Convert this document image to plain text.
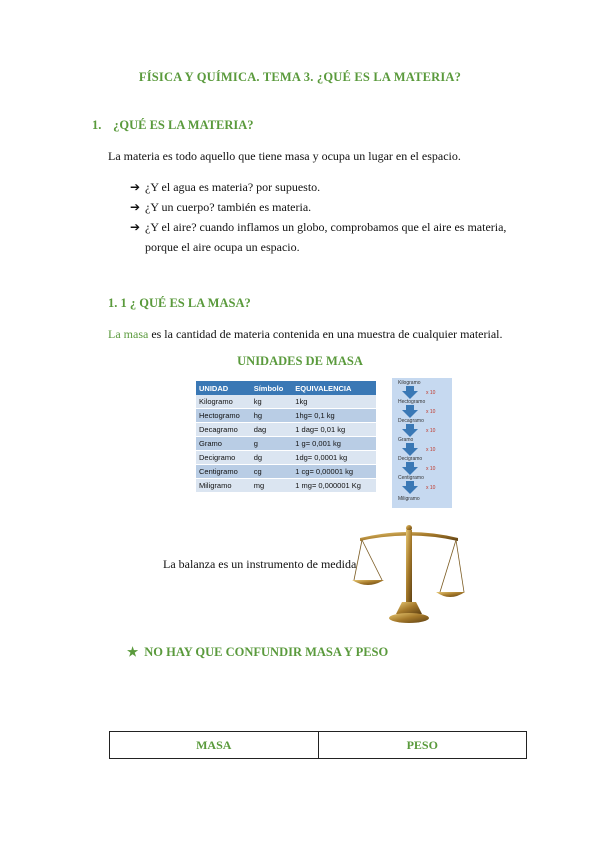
FÍSICA Y QUÍMICA. TEMA 3. ¿QUÉ ES LA MATERIA?
1. ¿QUÉ ES LA MATERIA?
La materia es todo aquello que tiene masa y ocupa un lugar en el espacio.
➔ ¿Y el agua es materia? por supuesto.
➔ ¿Y un cuerpo? también es materia.
➔ ¿Y el aire? cuando inflamos un globo, comprobamos que el aire es materia, porque el aire ocupa un espacio.
1. 1 ¿ QUÉ ES LA MASA?
La masa es la cantidad de materia contenida en una muestra de cualquier material.
UNIDADES DE MASA
UNIDAD	Símbolo	EQUIVALENCIA
Kilogramo	kg	1kg
Hectogramo	hg	1hg= 0,1 kg
Decagramo	dag	1 dag= 0,01 kg
Gramo	g	1 g= 0,001 kg
Decigramo	dg	1dg= 0,0001 kg
Centigramo	cg	1 cg= 0,00001 kg
Miligramo	mg	1 mg= 0,000001 Kg
Kilogramo
x 10
Hectogramo
x 10
Decagramo
x 10
Gramo
x 10
Decigramo
x 10
Centigramo
x 10
Miligramo
La balanza es un instrumento de medida
★ NO HAY QUE CONFUNDIR MASA Y PESO
MASA	PESO
